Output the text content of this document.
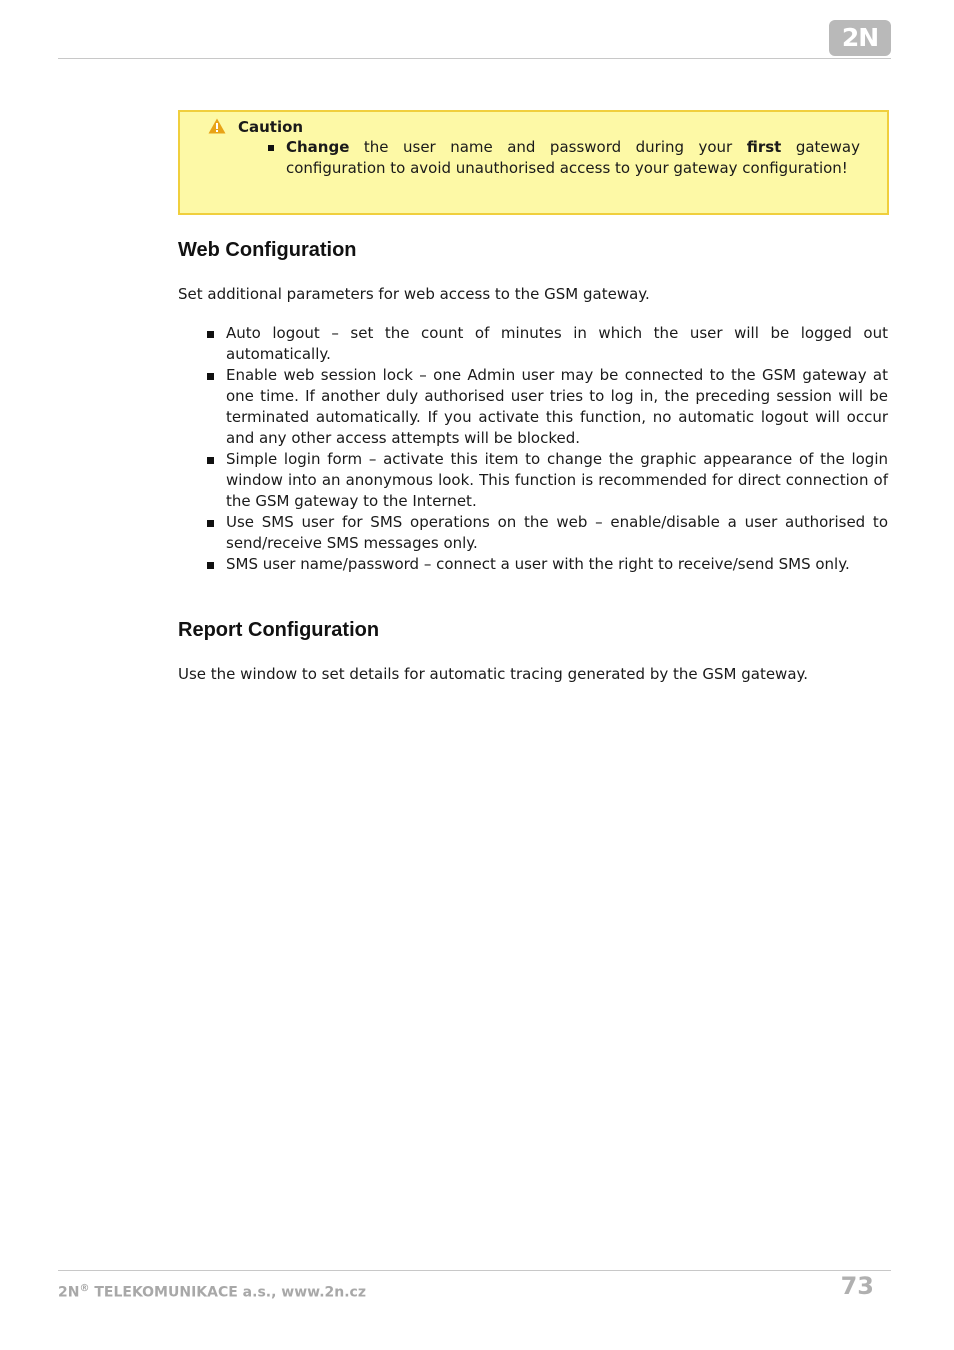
2N
Caution
Change the user name and password during your first gateway configuration to avoid unauthorised access to your gateway configuration!
Web Configuration

Set additional parameters for web access to the GSM gateway.

Auto logout – set the count of minutes in which the user will be logged out automatically.
Enable web session lock – one Admin user may be connected to the GSM gateway at one time. If another duly authorised user tries to log in, the preceding session will be terminated automatically. If you activate this function, no automatic logout will occur and any other access attempts will be blocked.
Simple login form – activate this item to change the graphic appearance of the login window into an anonymous look. This function is recommended for direct connection of the GSM gateway to the Internet.
Use SMS user for SMS operations on the web – enable/disable a user authorised to send/receive SMS messages only.
SMS user name/password – connect a user with the right to receive/send SMS only.
Report Configuration

Use the window to set details for automatic tracing generated by the GSM gateway.

2N® TELEKOMUNIKACE a.s., www.2n.cz	73
